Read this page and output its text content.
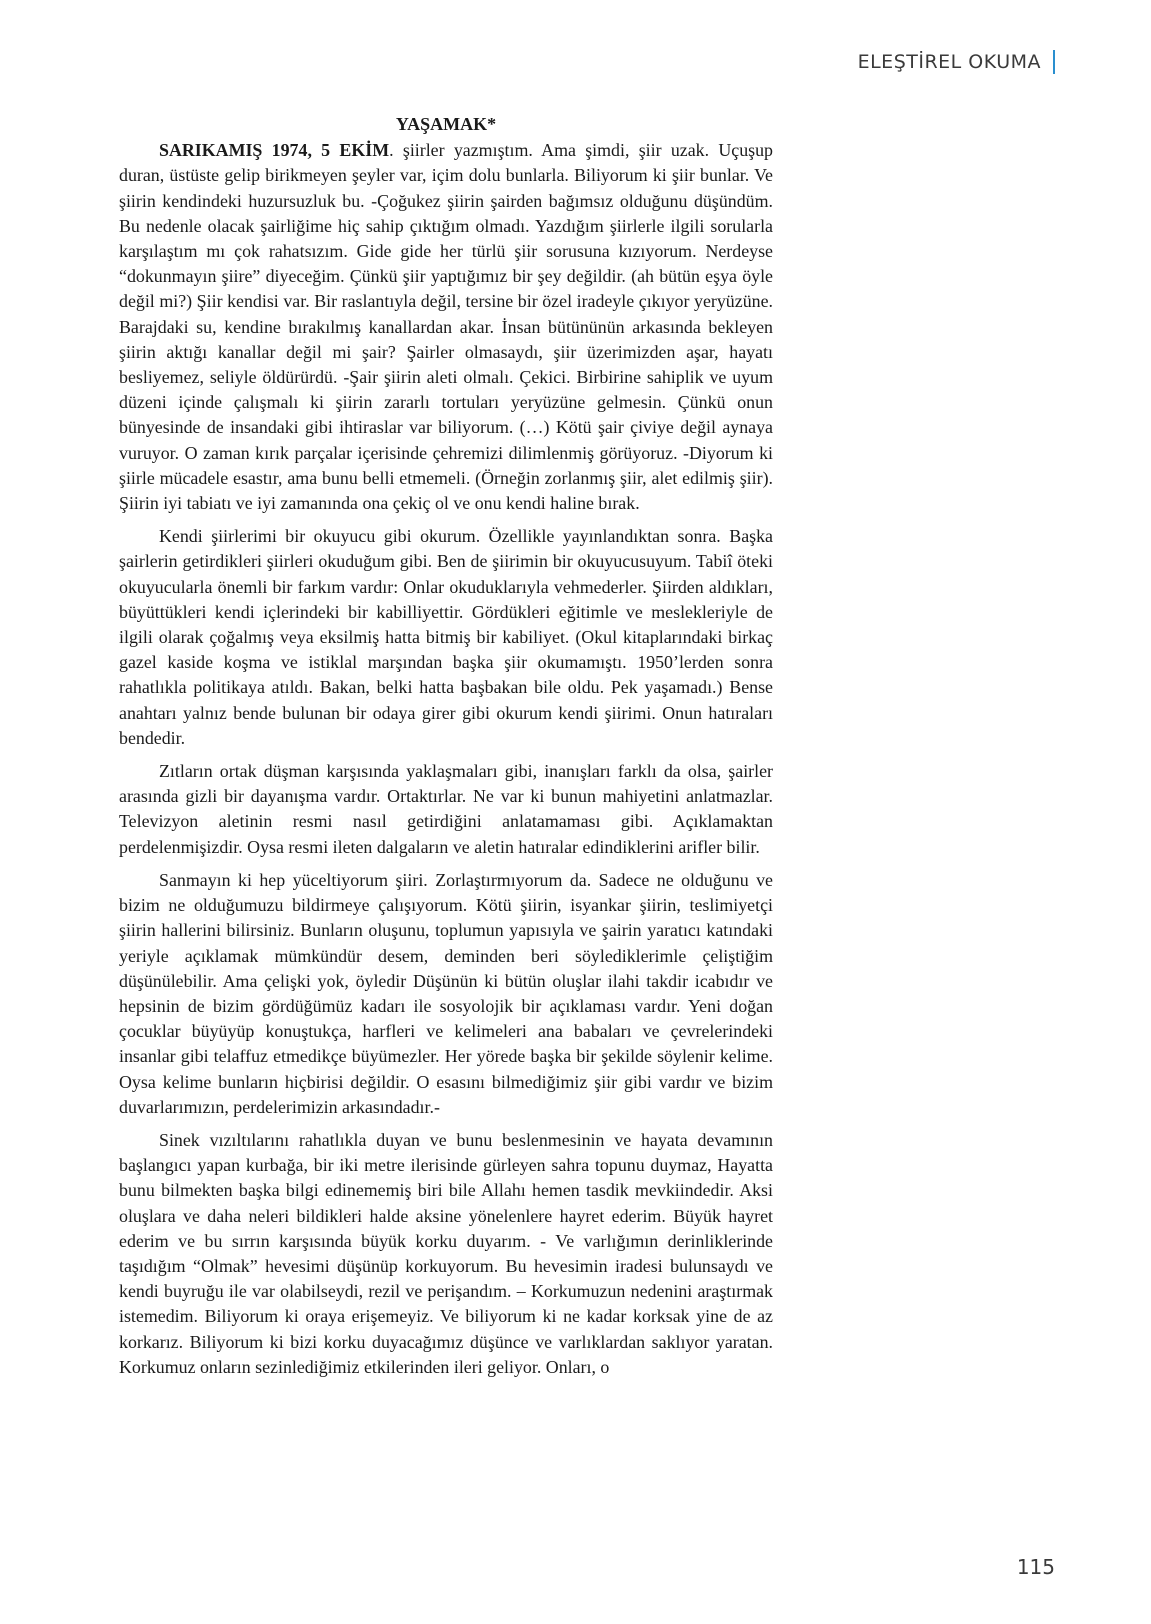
ELEŞTİREL OKUMA
YAŞAMAK*

SARIKAMIŞ 1974, 5 EKİM. şiirler yazmıştım. Ama şimdi, şiir uzak. Uçuşup duran, üstüste gelip birikmeyen şeyler var, içim dolu bunlarla. Biliyorum ki şiir bunlar. Ve şiirin kendindeki huzursuzluk bu. -Çoğukez şiirin şairden bağımsız olduğunu düşündüm. Bu nedenle olacak şairliğime hiç sahip çıktığım olmadı. Yazdığım şiirlerle ilgili sorularla karşılaştım mı çok rahatsızım. Gide gide her türlü şiir sorusuna kızıyorum. Nerdeyse “dokunmayın şiire” diyeceğim. Çünkü şiir yaptığımız bir şey değildir. (ah bütün eşya öyle değil mi?) Şiir kendisi var. Bir raslantıyla değil, tersine bir özel iradeyle çıkıyor yeryüzüne. Barajdaki su, kendine bırakılmış kanallardan akar. İnsan bütününün arkasında bekleyen şiirin aktığı kanallar değil mi şair? Şairler olmasaydı, şiir üzerimizden aşar, hayatı besliyemez, seliyle öldürürdü. -Şair şiirin aleti olmalı. Çekici. Birbirine sahiplik ve uyum düzeni içinde çalışmalı ki şiirin zararlı tortuları yeryüzüne gelmesin. Çünkü onun bünyesinde de insandaki gibi ihtiraslar var biliyorum. (…) Kötü şair çiviye değil aynaya vuruyor. O zaman kırık parçalar içerisinde çehremizi dilimlenmiş görüyoruz. -Diyorum ki şiirle mücadele esastır, ama bunu belli etmemeli. (Örneğin zorlanmış şiir, alet edilmiş şiir). Şiirin iyi tabiatı ve iyi zamanında ona çekiç ol ve onu kendi haline bırak.

Kendi şiirlerimi bir okuyucu gibi okurum. Özellikle yayınlandıktan sonra. Başka şairlerin getirdikleri şiirleri okuduğum gibi. Ben de şiirimin bir okuyucusuyum. Tabiî öteki okuyucularla önemli bir farkım vardır: Onlar okuduklarıyla vehmederler. Şiirden aldıkları, büyüttükleri kendi içlerindeki bir kabilliyettir. Gördükleri eğitimle ve meslekleriyle de ilgili olarak çoğalmış veya eksilmiş hatta bitmiş bir kabiliyet. (Okul kitaplarındaki birkaç gazel kaside koşma ve istiklal marşından başka şiir okumamıştı. 1950’lerden sonra rahatlıkla politikaya atıldı. Bakan, belki hatta başbakan bile oldu. Pek yaşamadı.) Bense anahtarı yalnız bende bulunan bir odaya girer gibi okurum kendi şiirimi. Onun hatıraları bendedir.

Zıtların ortak düşman karşısında yaklaşmaları gibi, inanışları farklı da olsa, şairler arasında gizli bir dayanışma vardır. Ortaktırlar. Ne var ki bunun mahiyetini anlatmazlar. Televizyon aletinin resmi nasıl getirdiğini anlatamaması gibi. Açıklamaktan perdelenmişizdir. Oysa resmi ileten dalgaların ve aletin hatıralar edindiklerini arifler bilir.

Sanmayın ki hep yüceltiyorum şiiri. Zorlaştırmıyorum da. Sadece ne olduğunu ve bizim ne olduğumuzu bildirmeye çalışıyorum. Kötü şiirin, isyankar şiirin, teslimiyetçi şiirin hallerini bilirsiniz. Bunların oluşunu, toplumun yapısıyla ve şairin yaratıcı katındaki yeriyle açıklamak mümkündür desem, deminden beri söylediklerimle çeliştiğim düşünülebilir. Ama çelişki yok, öyledir Düşünün ki bütün oluşlar ilahi takdir icabıdır ve hepsinin de bizim gördüğümüz kadarı ile sosyolojik bir açıklaması vardır. Yeni doğan çocuklar büyüyüp konuştukça, harfleri ve kelimeleri ana babaları ve çevrelerindeki insanlar gibi telaffuz etmedikçe büyümezler. Her yörede başka bir şekilde söylenir kelime. Oysa kelime bunların hiçbirisi değildir. O esasını bilmediğimiz şiir gibi vardır ve bizim duvarlarımızın, perdelerimizin arkasındadır.-

Sinek vızıltılarını rahatlıkla duyan ve bunu beslenmesinin ve hayata devamının başlangıcı yapan kurbağa, bir iki metre ilerisinde gürleyen sahra topunu duymaz, Hayatta bunu bilmekten başka bilgi edinememiş biri bile Allahı hemen tasdik mevkiindedir. Aksi oluşlara ve daha neleri bildikleri halde aksine yönelenlere hayret ederim. Büyük hayret ederim ve bu sırrın karşısında büyük korku duyarım. - Ve varlığımın derinliklerinde taşıdığım “Olmak” hevesimi düşünüp korkuyorum. Bu hevesimin iradesi bulunsaydı ve kendi buyruğu ile var olabilseydi, rezil ve perişandım. – Korkumuzun nedenini araştırmak istemedim. Biliyorum ki oraya erişemeyiz. Ve biliyorum ki ne kadar korksak yine de az korkarız. Biliyorum ki bizi korku duyacağımız düşünce ve varlıklardan saklıyor yaratan. Korkumuz onların sezinlediğimiz etkilerinden ileri geliyor. Onları, o

115
